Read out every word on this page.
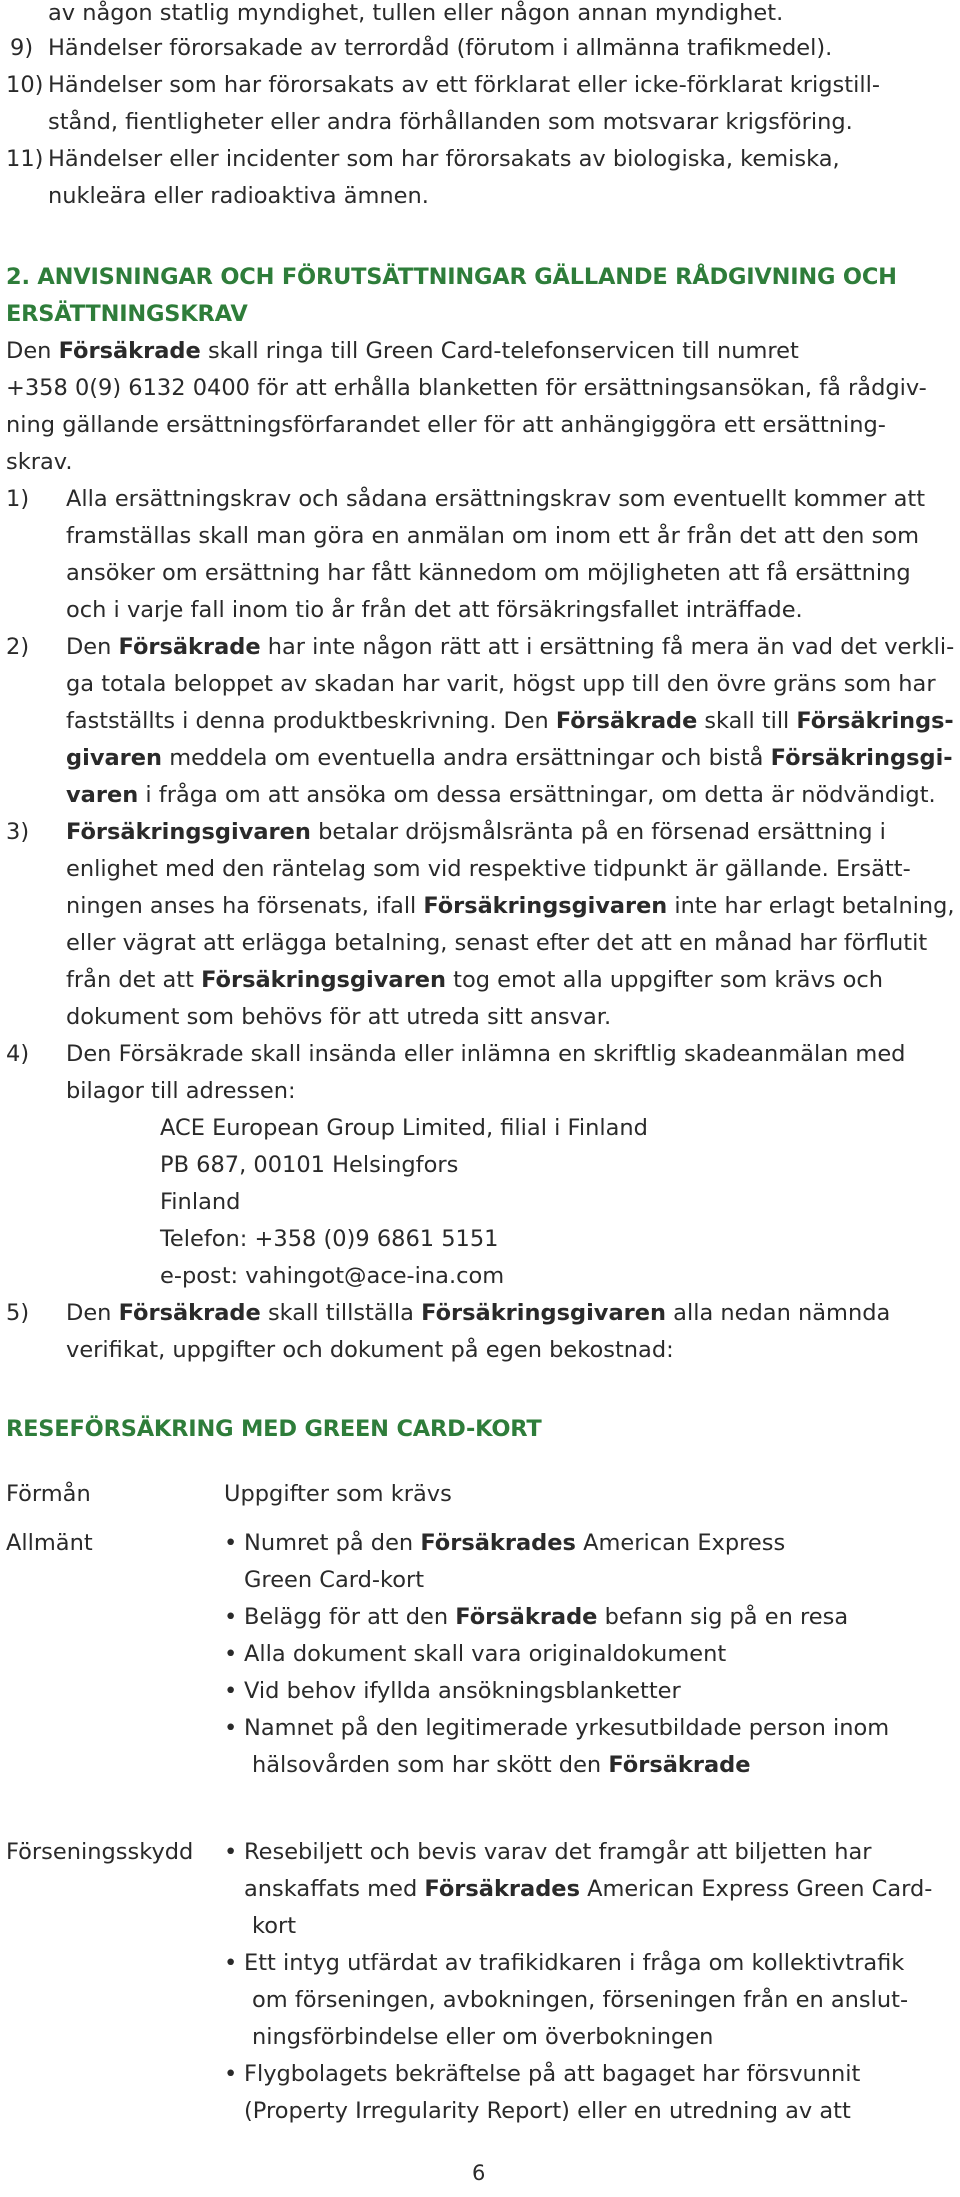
av någon statlig myndighet, tullen eller någon annan myndighet.
9) Händelser förorsakade av terrordåd (förutom i allmänna trafikmedel).
10) Händelser som har förorsakats av ett förklarat eller icke-förklarat krigstill-
stånd, fientligheter eller andra förhållanden som motsvarar krigsföring.
11) Händelser eller incidenter som har förorsakats av biologiska, kemiska,
nukleära eller radioaktiva ämnen.
2. ANVISNINGAR OCH FÖRUTSÄTTNINGAR GÄLLANDE RÅDGIVNING OCH
ERSÄTTNINGSKRAV
Den Försäkrade skall ringa till Green Card-telefonservicen till numret
+358 0(9) 6132 0400 för att erhålla blanketten för ersättningsansökan, få rådgiv-
ning gällande ersättningsförfarandet eller för att anhängiggöra ett ersättning-
skrav.
1) Alla ersättningskrav och sådana ersättningskrav som eventuellt kommer att
framställas skall man göra en anmälan om inom ett år från det att den som
ansöker om ersättning har fått kännedom om möjligheten att få ersättning
och i varje fall inom tio år från det att försäkringsfallet inträffade.
2) Den Försäkrade har inte någon rätt att i ersättning få mera än vad det verkli-
ga totala beloppet av skadan har varit, högst upp till den övre gräns som har
fastställts i denna produktbeskrivning. Den Försäkrade skall till Försäkrings-
givaren meddela om eventuella andra ersättningar och bistå Försäkringsgi-
varen i fråga om att ansöka om dessa ersättningar, om detta är nödvändigt.
3) Försäkringsgivaren betalar dröjsmålsränta på en försenad ersättning i
enlighet med den räntelag som vid respektive tidpunkt är gällande. Ersätt-
ningen anses ha försenats, ifall Försäkringsgivaren inte har erlagt betalning,
eller vägrat att erlägga betalning, senast efter det att en månad har förflutit
från det att Försäkringsgivaren tog emot alla uppgifter som krävs och
dokument som behövs för att utreda sitt ansvar.
4) Den Försäkrade skall insända eller inlämna en skriftlig skadeanmälan med
bilagor till adressen:
ACE European Group Limited, filial i Finland
PB 687, 00101 Helsingfors
Finland
Telefon: +358 (0)9 6861 5151
e-post: vahingot@ace-ina.com
5) Den Försäkrade skall tillställa Försäkringsgivaren alla nedan nämnda
verifikat, uppgifter och dokument på egen bekostnad:
RESEFÖRSÄKRING MED GREEN CARD-KORT
Förmån	Uppgifter som krävs
Allmänt	• Numret på den Försäkrades American Express
Green Card-kort
• Belägg för att den Försäkrade befann sig på en resa
• Alla dokument skall vara originaldokument
• Vid behov ifyllda ansökningsblanketter
• Namnet på den legitimerade yrkesutbildade person inom
hälsovården som har skött den Försäkrade
Förseningsskydd • Resebiljett och bevis varav det framgår att biljetten har
anskaffats med Försäkrades American Express Green Card-
kort
• Ett intyg utfärdat av trafikidkaren i fråga om kollektivtrafik
om förseningen, avbokningen, förseningen från en anslut-
ningsförbindelse eller om överbokningen
• Flygbolagets bekräftelse på att bagaget har försvunnit
(Property Irregularity Report) eller en utredning av att
6
